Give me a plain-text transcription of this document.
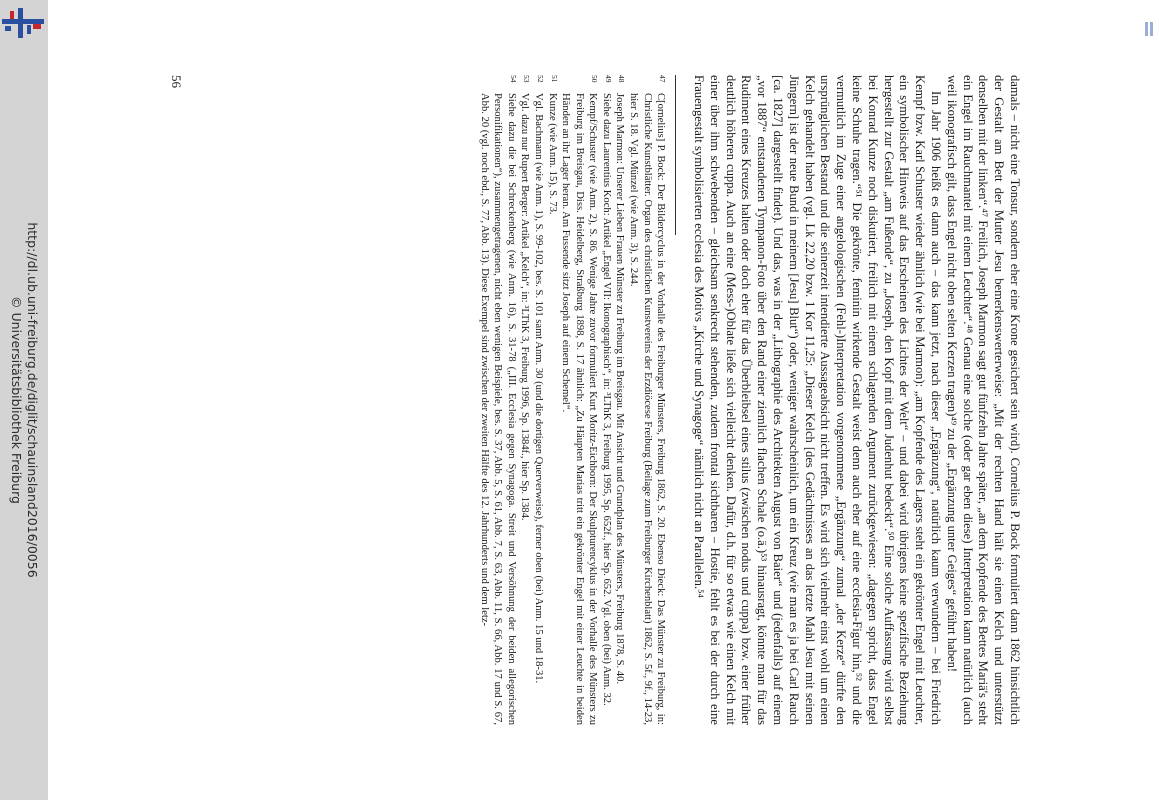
http://dl.ub.uni-freiburg.de/diglit/schauinsland2016/0056
© Universitätsbibliothek Freiburg	damals – nicht eine Tonsur, sondern eher eine Krone gesichert sein wird). Cornelius P. Bock formuliert dann 1862 hinsichtlich der Gestalt am Bett der Mutter Jesu bemerkenswerterweise: „Mit der rechten Hand hält sie einen Kelch und unterstützt denselben mit der linken“.⁴⁷ Freilich, Joseph Marmon sagt gut fünfzehn Jahre später, „an dem Kopfende des Bettes Mariä's steht ein Engel im Rauchmantel mit einem Leuchter“.⁴⁸ Genau eine solche (oder gar eben diese) Interpretation kann natürlich (auch weil ikonografisch gilt, dass Engel nicht oben selten Kerzen tragen)⁴⁹ zu der „Ergänzung unter Geiges“ geführt haben!

Im Jahr 1906 heißt es dann auch – das kann jetzt, nach dieser „Ergänzung“, natürlich kaum verwundern – bei Friedrich Kempf bzw. Karl Schuster wieder ähnlich (wie bei Marmon): „am Kopfende des Lagers steht ein gekrönter Engel mit Leuchter, ein symbolischer Hinweis auf das Erscheinen des Lichtes der Welt“ – und dabei wird übrigens keine spezifische Beziehung hergestellt zur Gestalt „am Fußende“, zu „Joseph, den Kopf mit dem Judenhut bedeckt“.⁵⁰ Eine solche Auffassung wird selbst bei Konrad Kunze noch diskutiert, freilich mit einem schlagenden Argument zurückgewiesen: „dagegen spricht, dass Engel keine Schuhe tragen.“⁵¹ Die gekrönte, feminin wirkende Gestalt weist denn auch eher auf eine ecclesia-Figur hin,⁵² und die vermutlich im Zuge einer angelologischen (Fehl-)Interpretation vorgenommene „Ergänzung“ zumal „der Kerze“ dürfte den ursprünglichen Bestand und die seinerzeit intendierte Aussageabsicht nicht treffen. Es wird sich vielmehr einst wohl um einen Kelch gehandelt haben (vgl. Lk 22,20 bzw. 1 Kor 11,25: „Dieser Kelch [des Gedächtnisses an das letzte Mahl Jesu mit seinen Jüngern] ist der neue Bund in meinem [Jesu] Blut“) oder, weniger wahrscheinlich, um ein Kreuz (wie man es ja bei Carl Rauch [ca. 1827] dargestellt findet). Und das, was in der „Lithographie des Architekten August von Baier“ und (jedenfalls) auf einem „vor 1887“ entstandenen Tympanon-Foto über den Rand einer ziemlich flachen Schale (o.ä.)⁵³ hinausragt, könnte man für das Rudiment eines Kreuzes halten oder doch eher für das Überbleibsel eines stilus (zwischen nodus und cuppa) bzw. einer früher deutlich höheren cuppa. Auch an eine (Mess-)Oblate ließe sich vielleicht denken. Dafür, d.h. für so etwas wie einen Kelch mit einer über ihm schwebenden – gleichsam senkrecht stehenden, zudem frontal sichtbaren – Hostie, fehlt es bei der durch eine Frauengestalt symbolisierten ecclesia des Motivs „Kirche und Synagoge“ nämlich nicht an Parallelen.⁵⁴

47
C[ornelius] P. Bock: Der Bildercyclus in der Vorhalle des Freiburger Münsters, Freiburg 1862, S. 20. Ebenso Dieck: Das Münster zu Freiburg, in: Christliche Kunstblätter. Organ des christlichen Kunstvereins der Erzdiöcese Freiburg (Beilage zum Freiburger Kirchenblatt) 1862, S. 5f., 9f., 14-23, hier S. 18. Vgl. Münzel (wie Anm. 3), S. 244.
48
Joseph Marmon: Unserer Lieben Frauen Münster zu Freiburg im Breisgau. Mit Ansicht und Grundplan des Münsters, Freiburg 1878, S. 40.
49
Siehe dazu Laurentius Koch: Artikel „Engel VII: Ikonographisch“, in: ³LThK 3, Freiburg 1995, Sp. 652f., hier Sp. 652. Vgl. oben (bei) Anm. 32.
50
Kempf/Schuster (wie Anm. 2), S. 86. Wenige Jahre zuvor formuliert Kurt Moritz-Eichborn: Der Skulpturencyklus in der Vorhalle des Münsters zu Freiburg im Breisgau, Diss. Heidelberg, Straßburg 1898, S. 17 ähnlich: „Zu Häupten Marias tritt ein gekrönter Engel mit einer Leuchte in beiden Händen an ihr Lager heran. Am Fussende sitzt Joseph auf einem Schemel“.
51
Kunze (wie Anm. 15), S. 73.
52
Vgl. Bachmann (wie Anm. 1), S. 99-102, bes. S. 101 samt Anm. 30 (und die dortigen Querverweise), ferner oben (bei) Anm. 15 und 18-31.
53
Vgl. dazu nur Rupert Berger: Artikel „Kelch“, in: ³LThK 3, Freiburg 1996, Sp. 1384f., hier Sp. 1384.
54
Siehe dazu die bei Schreckenberg (wie Anm. 16), S. 31-78 („III. Ecclesia gegen Synagoga. Streit und Versöhnung der beiden allegorischen Personifikationen“), zusammengetragenen, nicht eben wenigen Beispiele, bes. S. 37, Abb. 5, S. 61, Abb. 7, S. 63, Abb. 11, S. 66, Abb. 17 und S. 67, Abb. 20 (vgl. noch ebd., S. 77, Abb. 13). Diese Exempel sind zwischen der zweiten Hälfte des 12. Jahrhunderts und dem letz-
56
